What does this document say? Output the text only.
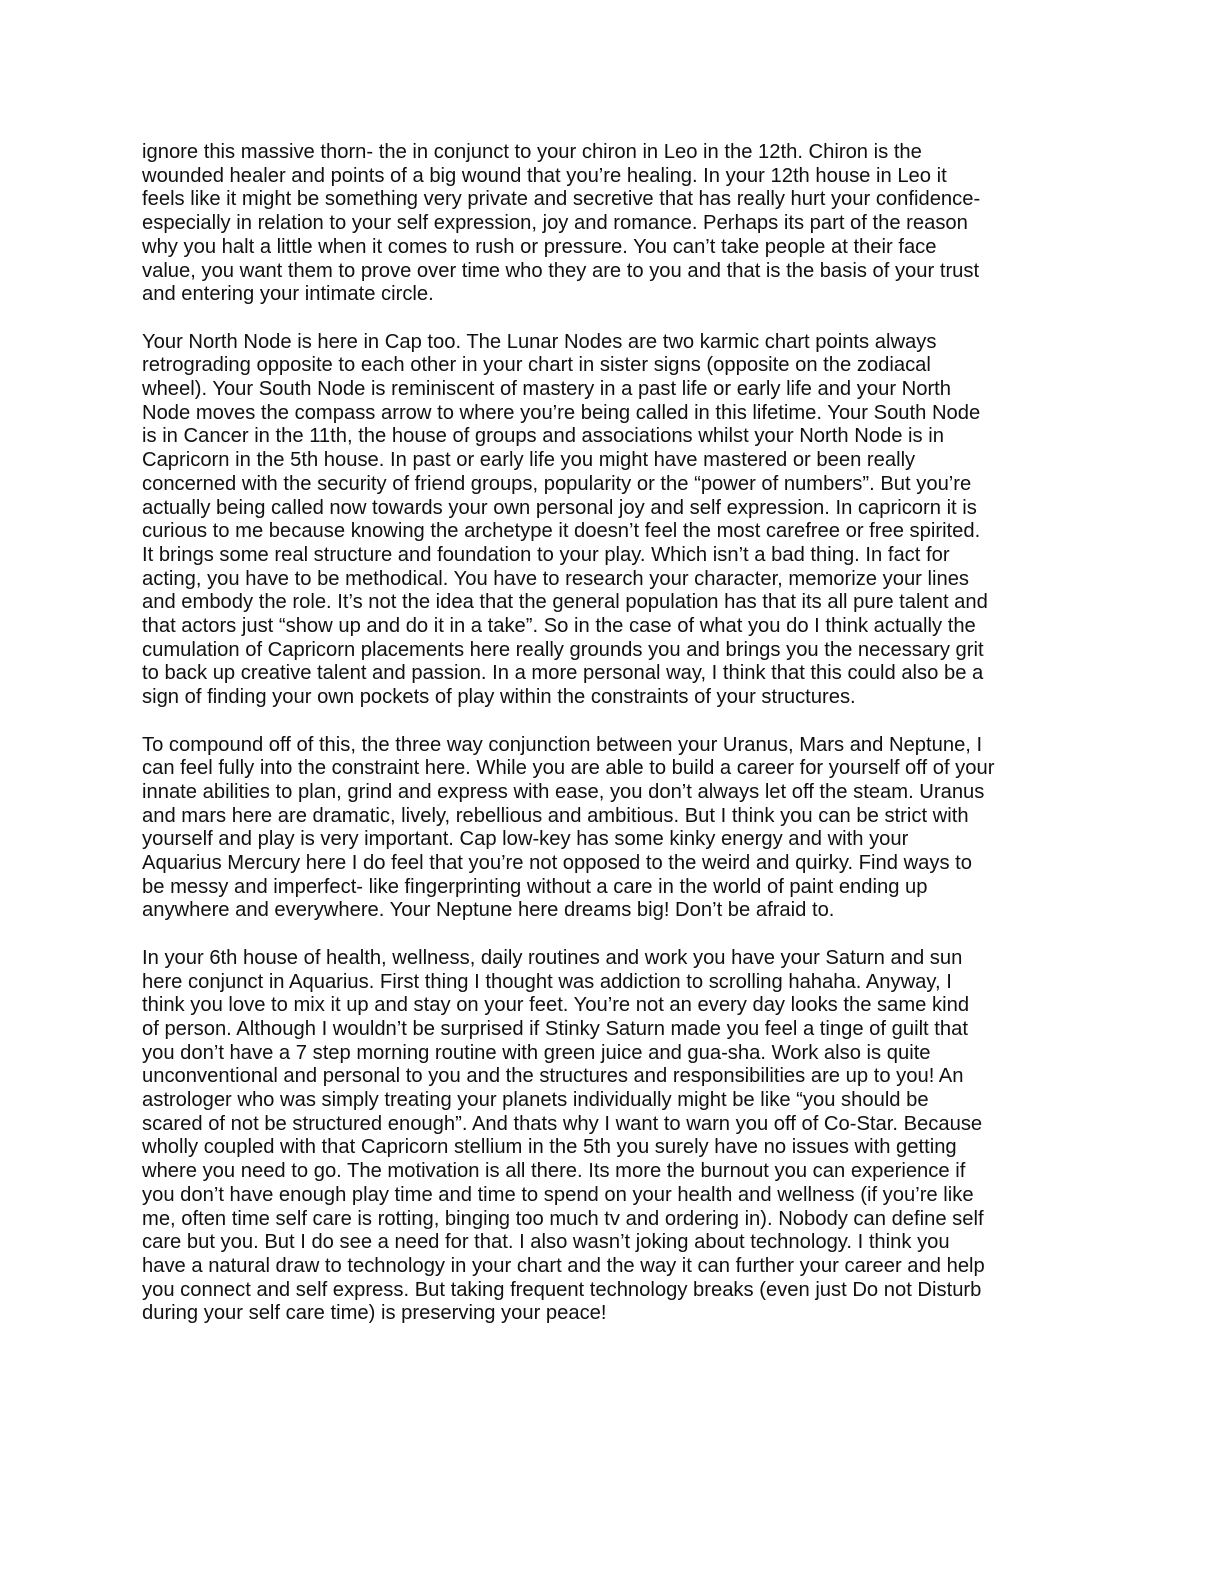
ignore this massive thorn- the in conjunct to your chiron in Leo in the 12th. Chiron is the
wounded healer and points of a big wound that you’re healing. In your 12th house in Leo it
feels like it might be something very private and secretive that has really hurt your confidence-
especially in relation to your self expression, joy and romance. Perhaps its part of the reason
why you halt a little when it comes to rush or pressure. You can’t take people at their face
value, you want them to prove over time who they are to you and that is the basis of your trust
and entering your intimate circle.

Your North Node is here in Cap too. The Lunar Nodes are two karmic chart points always
retrograding opposite to each other in your chart in sister signs (opposite on the zodiacal
wheel). Your South Node is reminiscent of mastery in a past life or early life and your North
Node moves the compass arrow to where you’re being called in this lifetime. Your South Node
is in Cancer in the 11th, the house of groups and associations whilst your North Node is in
Capricorn in the 5th house. In past or early life you might have mastered or been really
concerned with the security of friend groups, popularity or the “power of numbers”. But you’re
actually being called now towards your own personal joy and self expression. In capricorn it is
curious to me because knowing the archetype it doesn’t feel the most carefree or free spirited.
It brings some real structure and foundation to your play. Which isn’t a bad thing. In fact for
acting, you have to be methodical. You have to research your character, memorize your lines
and embody the role. It’s not the idea that the general population has that its all pure talent and
that actors just “show up and do it in a take”. So in the case of what you do I think actually the
cumulation of Capricorn placements here really grounds you and brings you the necessary grit
to back up creative talent and passion. In a more personal way, I think that this could also be a
sign of finding your own pockets of play within the constraints of your structures.

To compound off of this, the three way conjunction between your Uranus, Mars and Neptune, I
can feel fully into the constraint here. While you are able to build a career for yourself off of your
innate abilities to plan, grind and express with ease, you don’t always let off the steam. Uranus
and mars here are dramatic, lively, rebellious and ambitious. But I think you can be strict with
yourself and play is very important. Cap low-key has some kinky energy and with your
Aquarius Mercury here I do feel that you’re not opposed to the weird and quirky. Find ways to
be messy and imperfect- like fingerprinting without a care in the world of paint ending up
anywhere and everywhere. Your Neptune here dreams big! Don’t be afraid to.

In your 6th house of health, wellness, daily routines and work you have your Saturn and sun
here conjunct in Aquarius. First thing I thought was addiction to scrolling hahaha. Anyway, I
think you love to mix it up and stay on your feet. You’re not an every day looks the same kind
of person. Although I wouldn’t be surprised if Stinky Saturn made you feel a tinge of guilt that
you don’t have a 7 step morning routine with green juice and gua-sha. Work also is quite
unconventional and personal to you and the structures and responsibilities are up to you! An
astrologer who was simply treating your planets individually might be like “you should be
scared of not be structured enough”. And thats why I want to warn you off of Co-Star. Because
wholly coupled with that Capricorn stellium in the 5th you surely have no issues with getting
where you need to go. The motivation is all there. Its more the burnout you can experience if
you don’t have enough play time and time to spend on your health and wellness (if you’re like
me, often time self care is rotting, binging too much tv and ordering in). Nobody can define self
care but you. But I do see a need for that. I also wasn’t joking about technology. I think you
have a natural draw to technology in your chart and the way it can further your career and help
you connect and self express. But taking frequent technology breaks (even just Do not Disturb
during your self care time) is preserving your peace!
